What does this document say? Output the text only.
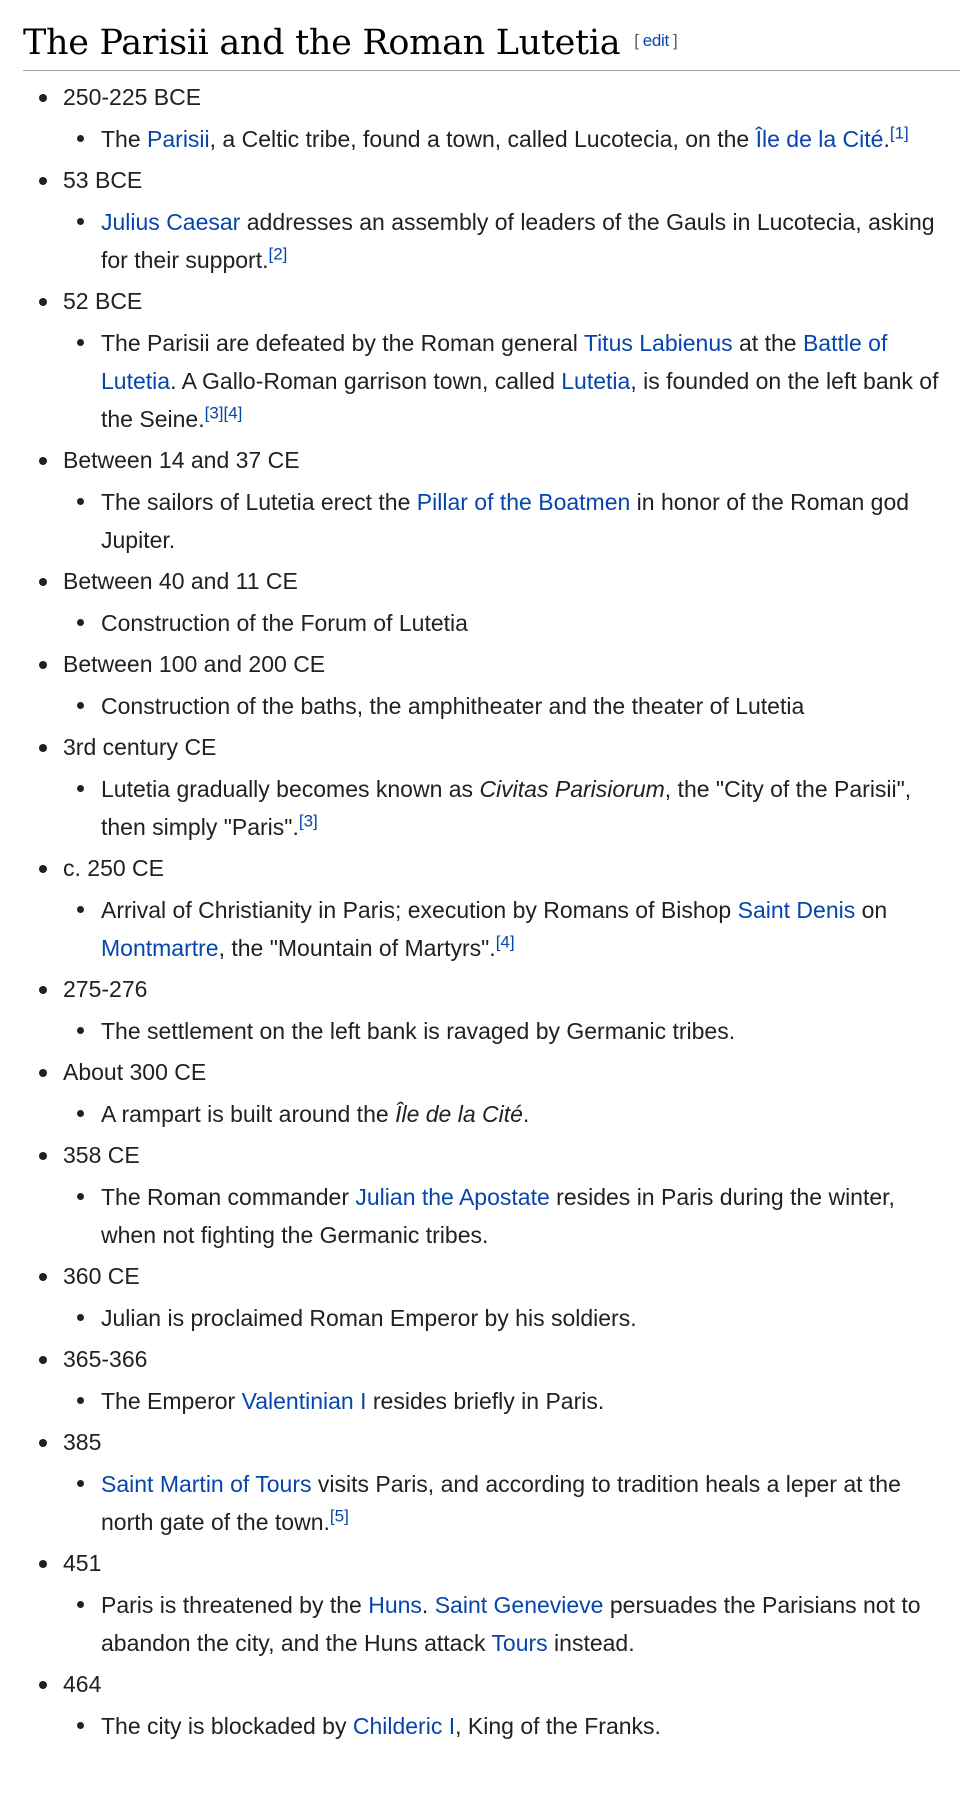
The Parisii and the Roman Lutetia [ edit ]
250-225 BCE
The Parisii, a Celtic tribe, found a town, called Lucotecia, on the Île de la Cité.[1]
53 BCE
Julius Caesar addresses an assembly of leaders of the Gauls in Lucotecia, asking for their support.[2]
52 BCE
The Parisii are defeated by the Roman general Titus Labienus at the Battle of Lutetia. A Gallo-Roman garrison town, called Lutetia, is founded on the left bank of the Seine.[3][4]
Between 14 and 37 CE
The sailors of Lutetia erect the Pillar of the Boatmen in honor of the Roman god Jupiter.
Between 40 and 11 CE
Construction of the Forum of Lutetia
Between 100 and 200 CE
Construction of the baths, the amphitheater and the theater of Lutetia
3rd century CE
Lutetia gradually becomes known as Civitas Parisiorum, the "City of the Parisii", then simply "Paris".[3]
c. 250 CE
Arrival of Christianity in Paris; execution by Romans of Bishop Saint Denis on Montmartre, the "Mountain of Martyrs".[4]
275-276
The settlement on the left bank is ravaged by Germanic tribes.
About 300 CE
A rampart is built around the Île de la Cité.
358 CE
The Roman commander Julian the Apostate resides in Paris during the winter, when not fighting the Germanic tribes.
360 CE
Julian is proclaimed Roman Emperor by his soldiers.
365-366
The Emperor Valentinian I resides briefly in Paris.
385
Saint Martin of Tours visits Paris, and according to tradition heals a leper at the north gate of the town.[5]
451
Paris is threatened by the Huns. Saint Genevieve persuades the Parisians not to abandon the city, and the Huns attack Tours instead.
464
The city is blockaded by Childeric I, King of the Franks.
